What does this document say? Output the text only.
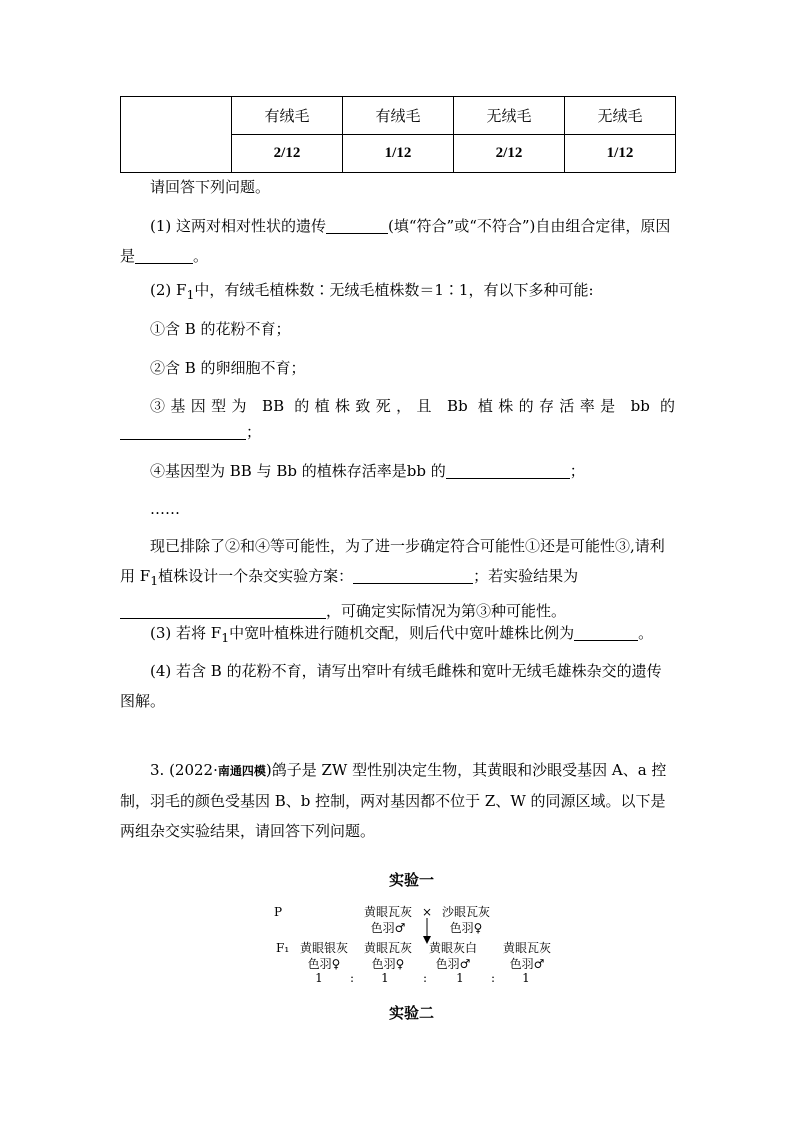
	有绒毛	有绒毛	无绒毛	无绒毛
	2/12	1/12	2/12	1/12

请回答下列问题。

(1) 这两对相对性状的遗传	(填“符合”或“不符合”)自由组合定律，原因是	。

(2) $F_1$中，有绒毛植株数∶无绒毛植株数＝1∶1，有以下多种可能:

①含 B 的花粉不育；

②含 B 的卵细胞不育；

③基因型为 BB 的植株致死，且 Bb 植株的存活率是 bb 的

；

④基因型为 BB 与 Bb 的植株存活率是bb 的	；

……

现已排除了②和④等可能性，为了进一步确定符合可能性①还是可能性③,请利用 $F_1$植株设计一个杂交实验方案：	；若实验结果为，可确定实际情况为第③种可能性。

(3) 若将 $F_1$中宽叶植株进行随机交配，则后代中宽叶雄株比例为	。

(4) 若含 B 的花粉不育，请写出窄叶有绒毛雌株和宽叶无绒毛雄株杂交的遗传图解。

3. (2022·南通四模)鸽子是 ZW 型性别决定生物，其黄眼和沙眼受基因 A、a 控制，羽毛的颜色受基因 B、b 控制，两对基因都不位于 Z、W 的同源区域。以下是两组杂交实验结果，请回答下列问题。

实验一
P	黄眼瓦灰
色羽♂
× 沙眼瓦灰
色羽♀
F₁ 黄眼银灰
色羽♀
黄眼瓦灰
色羽♀
黄眼灰白
色羽♂
黄眼瓦灰
色羽♂
1 : 1	: 1 : 1
实验二
